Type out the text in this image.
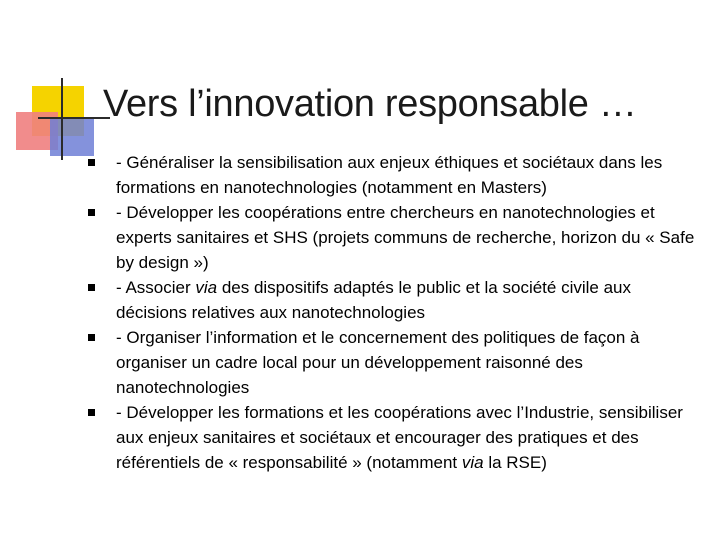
Vers l’innovation responsable …
- Généraliser la sensibilisation aux enjeux éthiques et sociétaux dans les formations en nanotechnologies (notamment en Masters)
- Développer les coopérations entre chercheurs en nanotechnologies et experts sanitaires et SHS (projets communs de recherche, horizon du « Safe by design »)
- Associer via des dispositifs adaptés le public et la société civile aux décisions relatives aux nanotechnologies
- Organiser l’information et le concernement des politiques de façon à organiser un cadre local pour un développement raisonné des nanotechnologies
- Développer les formations et les coopérations avec l’Industrie, sensibiliser aux enjeux sanitaires et sociétaux et encourager des pratiques et des référentiels de « responsabilité » (notamment via la RSE)
